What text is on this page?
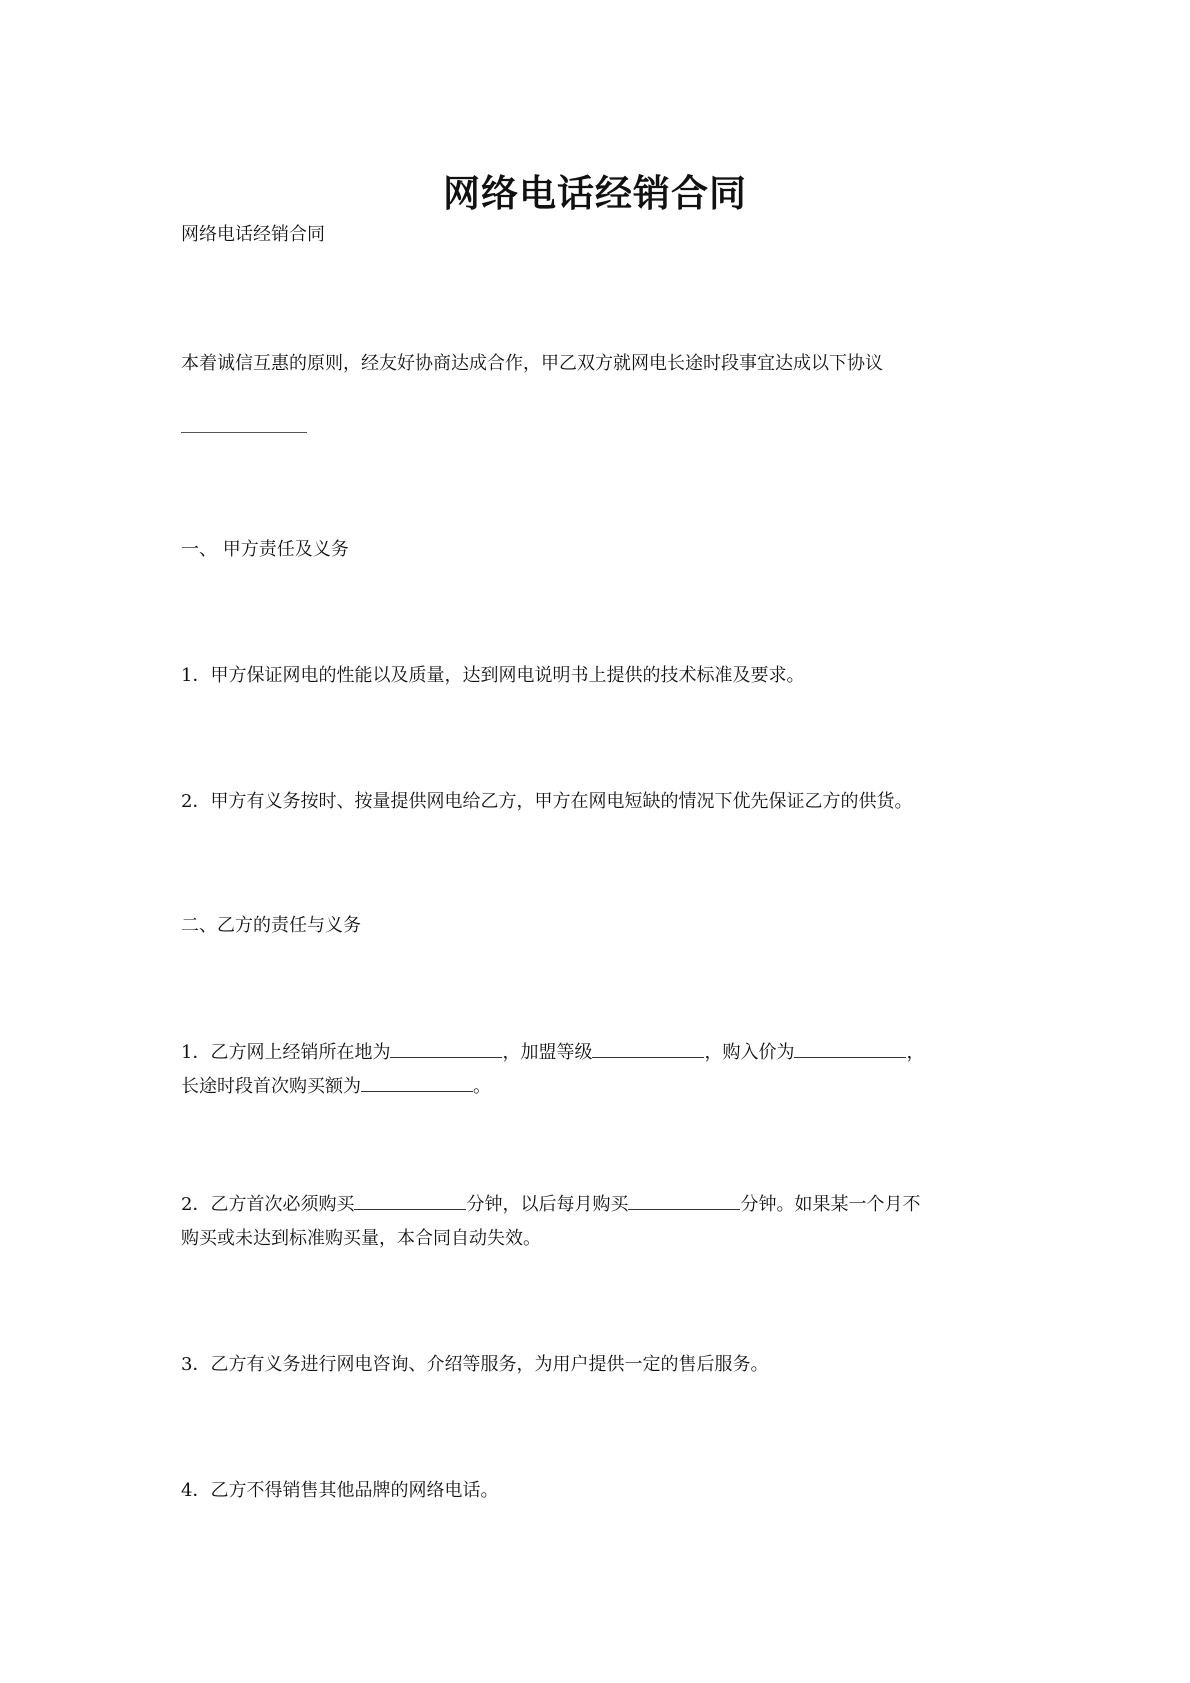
网络电话经销合同
网络电话经销合同
本着诚信互惠的原则，经友好协商达成合作，甲乙双方就网电长途时段事宜达成以下协议
一、 甲方责任及义务
1．甲方保证网电的性能以及质量，达到网电说明书上提供的技术标准及要求。
2．甲方有义务按时、按量提供网电给乙方，甲方在网电短缺的情况下优先保证乙方的供货。
二、乙方的责任与义务
1．乙方网上经销所在地为	，加盟等级	，购入价为	，
长途时段首次购买额为	。
2．乙方首次必须购买	分钟，以后每月购买	分钟。如果某一个月不
购买或未达到标准购买量，本合同自动失效。
3．乙方有义务进行网电咨询、介绍等服务，为用户提供一定的售后服务。
4．乙方不得销售其他品牌的网络电话。
